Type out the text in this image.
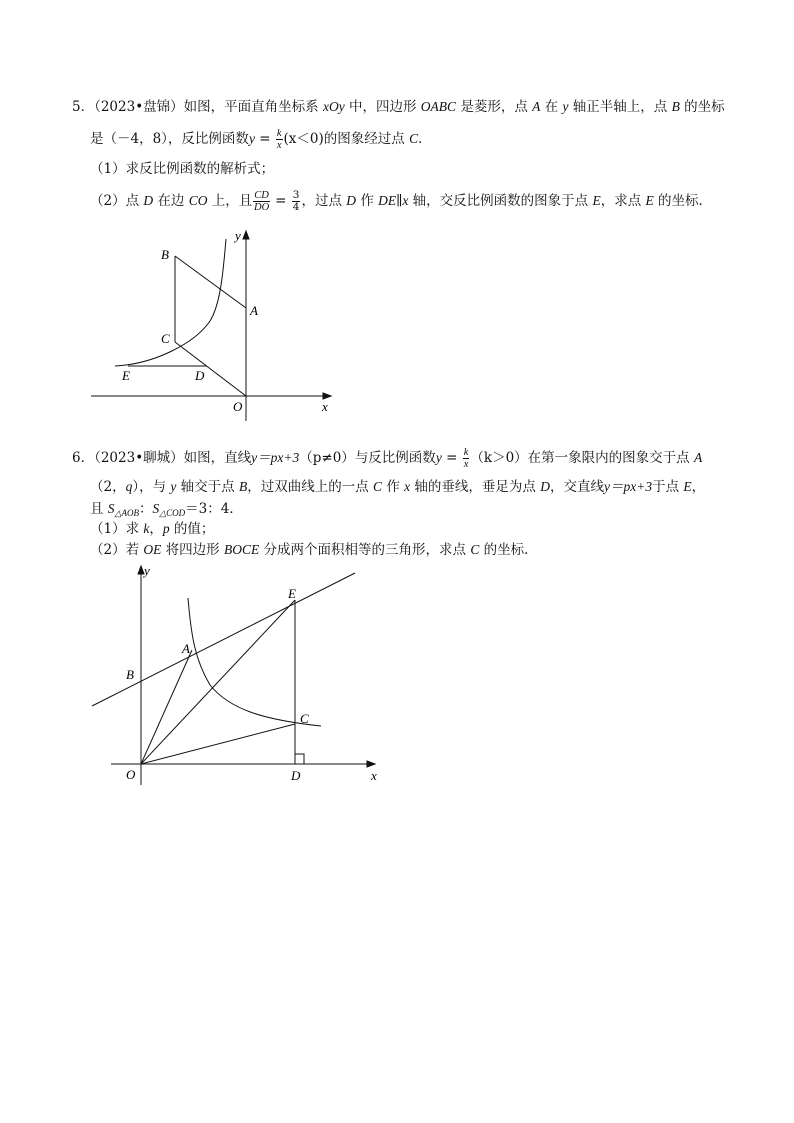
5．（2023•盘锦）如图，平面直角坐标系 xOy 中，四边形 OABC 是菱形，点 A 在 y 轴正半轴上，点 B 的坐标
是（－4，8），反比例函数$y = \frac{k}{x} (x<0)$的图象经过点 C．
（1）求反比例函数的解析式；
（2）点 D 在边 CO 上，且 $\frac{CD}{DO} = \frac{3}{4}$ ，过点 D 作 DE∥x 轴，交反比例函数的图象于点 E，求点 E 的坐标．
B
A
C
E	D
O	x
y
6．（2023•聊城）如图，直线y＝px+3（p≠0）与反比例函数$y = \frac{k}{x} (k>0)$在第一象限内的图象交于点 A
（2，q），与 y 轴交于点 B，过双曲线上的一点 C 作 x 轴的垂线，垂足为点 D，交直线y＝px+3于点 E，
且 $S_{\triangle AOB}$：$S_{\triangle COD}=3$：4．
（1）求 k，p 的值；
（2）若 OE 将四边形 BOCE 分成两个面积相等的三角形，求点 C 的坐标．
E
A
B
C
O	D	x
y
